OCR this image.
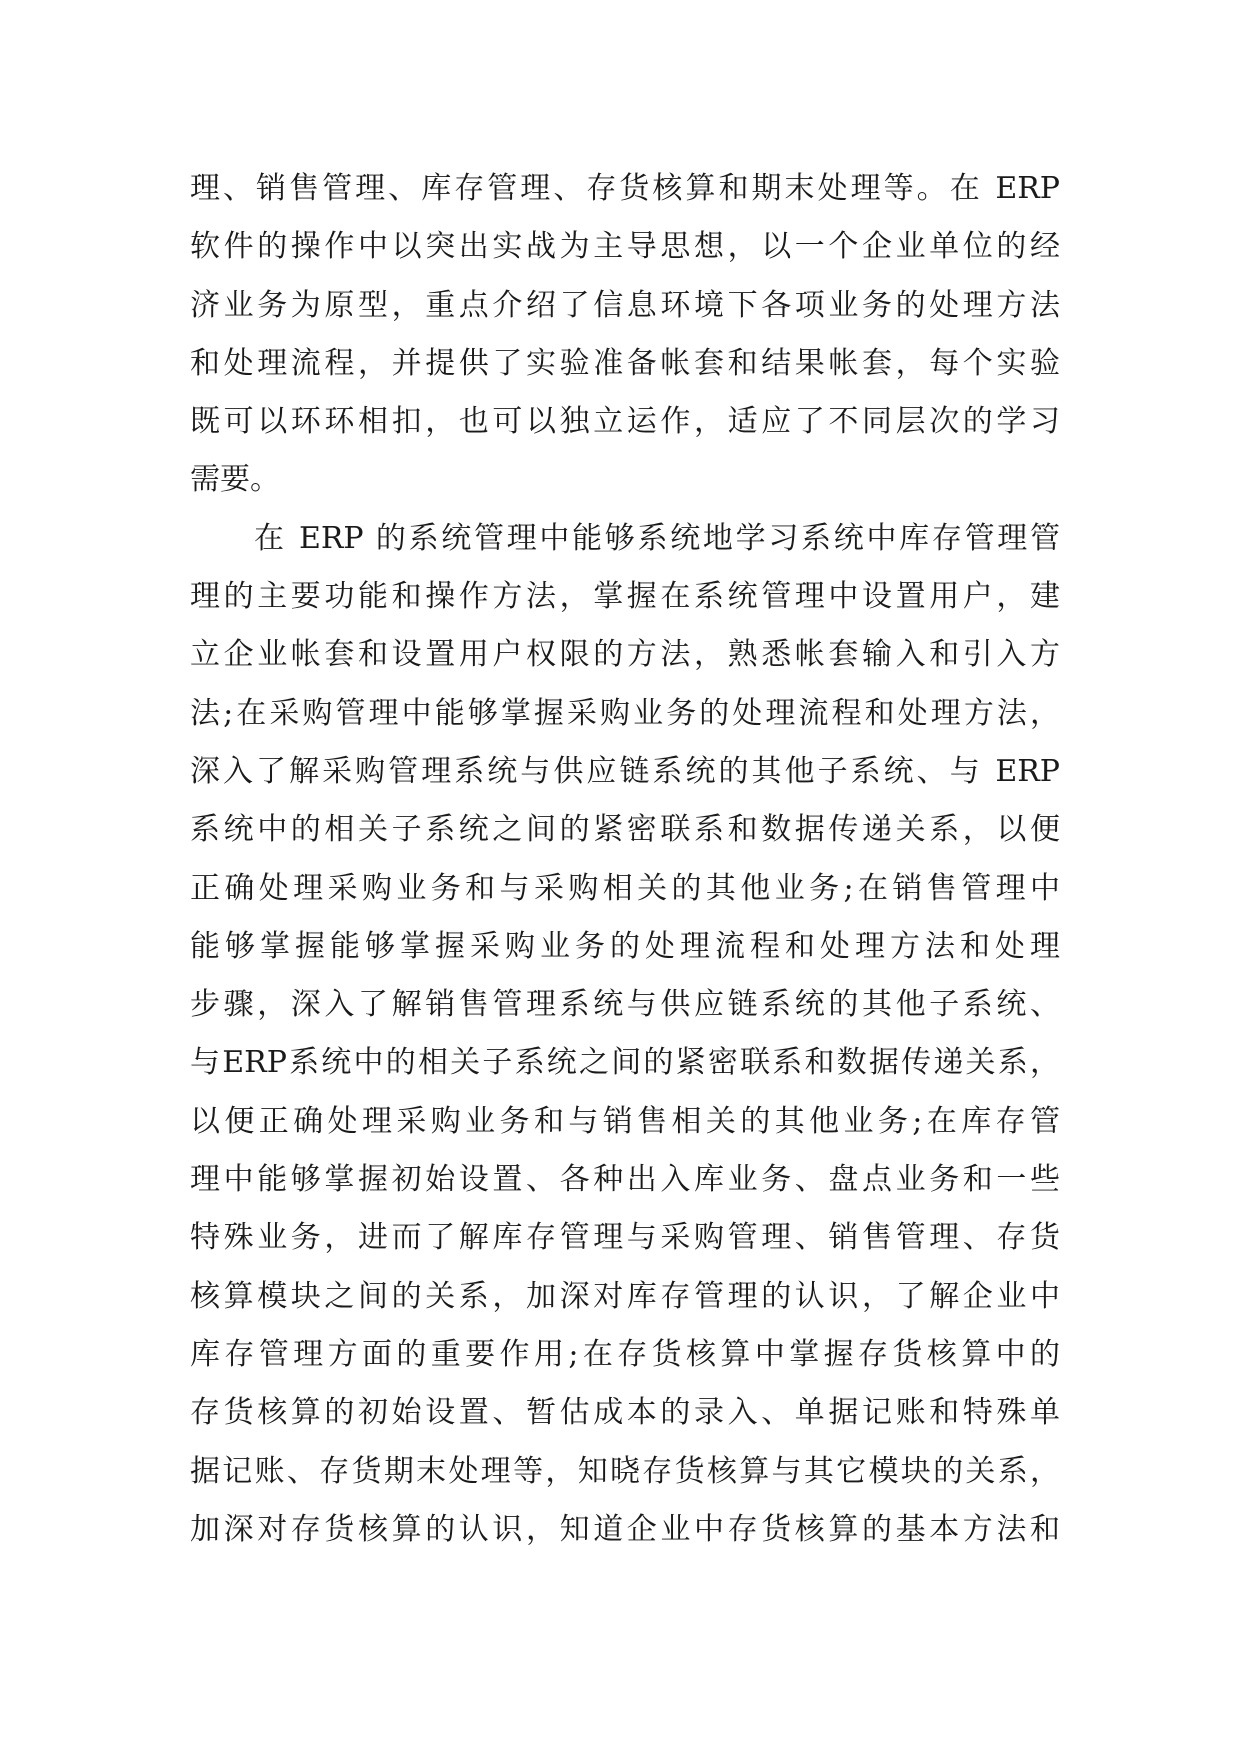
理、销售管理、库存管理、存货核算和期末处理等。在 ERP
软件的操作中以突出实战为主导思想，以一个企业单位的经
济业务为原型，重点介绍了信息环境下各项业务的处理方法
和处理流程，并提供了实验准备帐套和结果帐套，每个实验
既可以环环相扣，也可以独立运作，适应了不同层次的学习
需要。
在 ERP 的系统管理中能够系统地学习系统中库存管理管
理的主要功能和操作方法，掌握在系统管理中设置用户，建
立企业帐套和设置用户权限的方法，熟悉帐套输入和引入方
法;在采购管理中能够掌握采购业务的处理流程和处理方法，
深入了解采购管理系统与供应链系统的其他子系统、与 ERP
系统中的相关子系统之间的紧密联系和数据传递关系，以便
正确处理采购业务和与采购相关的其他业务;在销售管理中
能够掌握能够掌握采购业务的处理流程和处理方法和处理
步骤，深入了解销售管理系统与供应链系统的其他子系统、
与ERP系统中的相关子系统之间的紧密联系和数据传递关系，
以便正确处理采购业务和与销售相关的其他业务;在库存管
理中能够掌握初始设置、各种出入库业务、盘点业务和一些
特殊业务，进而了解库存管理与采购管理、销售管理、存货
核算模块之间的关系，加深对库存管理的认识，了解企业中
库存管理方面的重要作用;在存货核算中掌握存货核算中的
存货核算的初始设置、暂估成本的录入、单据记账和特殊单
据记账、存货期末处理等，知晓存货核算与其它模块的关系，
加深对存货核算的认识，知道企业中存货核算的基本方法和
